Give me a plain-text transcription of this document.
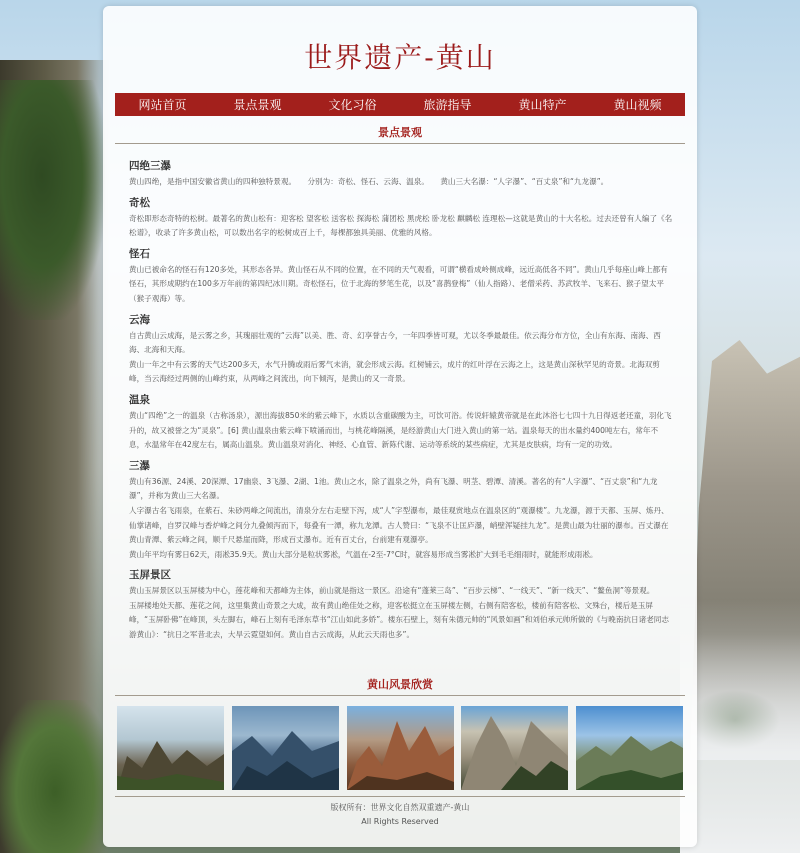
世界遗产-黄山
网站首页	景点景观	文化习俗	旅游指导	黄山特产	黄山视频
景点景观
四绝三瀑

黄山四绝，是指中国安徽省黄山的四种独特景观。　　分别为：奇松、怪石、云海、温泉。　　黄山三大名瀑：“人字瀑”、“百丈泉”和“九龙瀑”。

奇松

奇松即形态奇特的松树。最著名的黄山松有：迎客松 望客松 送客松 探海松 蒲团松 黑虎松 卧龙松 麒麟松 连理松—这就是黄山的十大名松。过去还曾有人编了《名松谱》，收录了许多黄山松，可以数出名字的松树成百上千，每棵都独具美丽、优雅的风格。

怪石

黄山已被命名的怪石有120多处，其形态各异。黄山怪石从不同的位置，在不同的天气观看，可谓“横看成岭侧成峰，远近高低各不同”。黄山几乎每座山峰上都有怪石，其形成期约在100多万年前的第四纪冰川期。奇松怪石，位于北海的梦笔生花，以及“喜鹊登梅”（仙人指路）、老僧采药、苏武牧羊、飞来石、猴子望太平（猴子观海）等。

云海

自古黄山云成海，是云雾之乡，其瑰丽壮观的“云海”以美、胜、奇、幻享誉古今，一年四季皆可观，尤以冬季最最佳。依云海分布方位，全山有东海、南海、西海、北海和天海。

黄山一年之中有云雾的天气达200多天，水气升腾或雨后雾气未消，就会形成云海。红树铺云，成片的红叶浮在云海之上，这是黄山深秋罕见的奇景。北海双剪峰，当云海经过两侧的山峰约束，从两峰之间流出，向下倾泻，是黄山的又一奇景。

温泉

黄山“四绝”之一的温泉（古称汤泉），源出海拔850米的紫云峰下，水质以含重碳酸为主，可饮可浴。传说轩辕黄帝就是在此沐浴七七四十九日得返老还童，羽化飞升的，故又被誉之为“灵泉”。[6] 黄山温泉由紫云峰下喷涌而出，与桃花峰隔溪，是经游黄山大门进入黄山的第一站。温泉每天的出水量约400吨左右，常年不息，水温常年在42度左右，属高山温泉。黄山温泉对消化、神经、心血管、新陈代谢、运动等系统的某些病症，尤其是皮肤病，均有一定的功效。

三瀑

黄山有36源、24溪、20深潭、17幽泉、3飞瀑、2湖、1池。黄山之水，除了温泉之外，尚有飞瀑、明茎、碧潭、清溪。著名的有“人字瀑”、“百丈泉”和“九龙瀑”，并称为黄山三大名瀑。

人字瀑古名飞雨泉，在紫石、朱砂两峰之间流出，清泉分左右走壁下泻，成“人”字型瀑布，最佳观赏地点在温泉区的“观瀑楼”。九龙瀑，源于天都、玉屏、炼丹、仙掌诸峰，自罗汉峰与香炉峰之间分九叠倾泻而下，每叠有一潭，称九龙潭。古人赞曰：“飞泉不让匡庐瀑，峭壁浑疑挂九龙”。是黄山最为壮丽的瀑布。百丈瀑在黄山青潭、紫云峰之间，顺千尺悬崖而降，形成百丈瀑布。近有百丈台，台前建有观瀑亭。

黄山年平均有雾日62天，雨凇35.9天。黄山大部分是粒状雾凇，气温在-2至-7°C时，就容易形成当雾凇扩大到毛毛细雨时，就能形成雨凇。

玉屏景区

黄山玉屏景区以玉屏楼为中心，莲花峰和天都峰为主体，前山就是指这一景区。沿途有“蓬莱三岛”、“百步云梯”、“一线天”、“新一线天”、“鳌鱼洞”等景观。

玉屏楼地处天都、莲花之间，这里集黄山奇景之大成，故有黄山绝佳处之称，迎客松挺立在玉屏楼左侧，右侧有陪客松，楼前有陪客松、文殊台，楼后是玉屏峰，“玉屏卧佛”在峰顶，头左脚右，峰石上刻有毛泽东草书“江山如此多娇”。楼东石壁上，刻有朱德元帅的“风景如画”和刘伯承元帅所做的《与晚南抗日诸老同志游黄山》：“抗日之军昔北去，大旱云霓望如何。黄山自古云成海，从此云天雨也多”。

黄山风景欣赏

版权所有：世界文化自然双重遗产-黄山

All Rights Reserved
